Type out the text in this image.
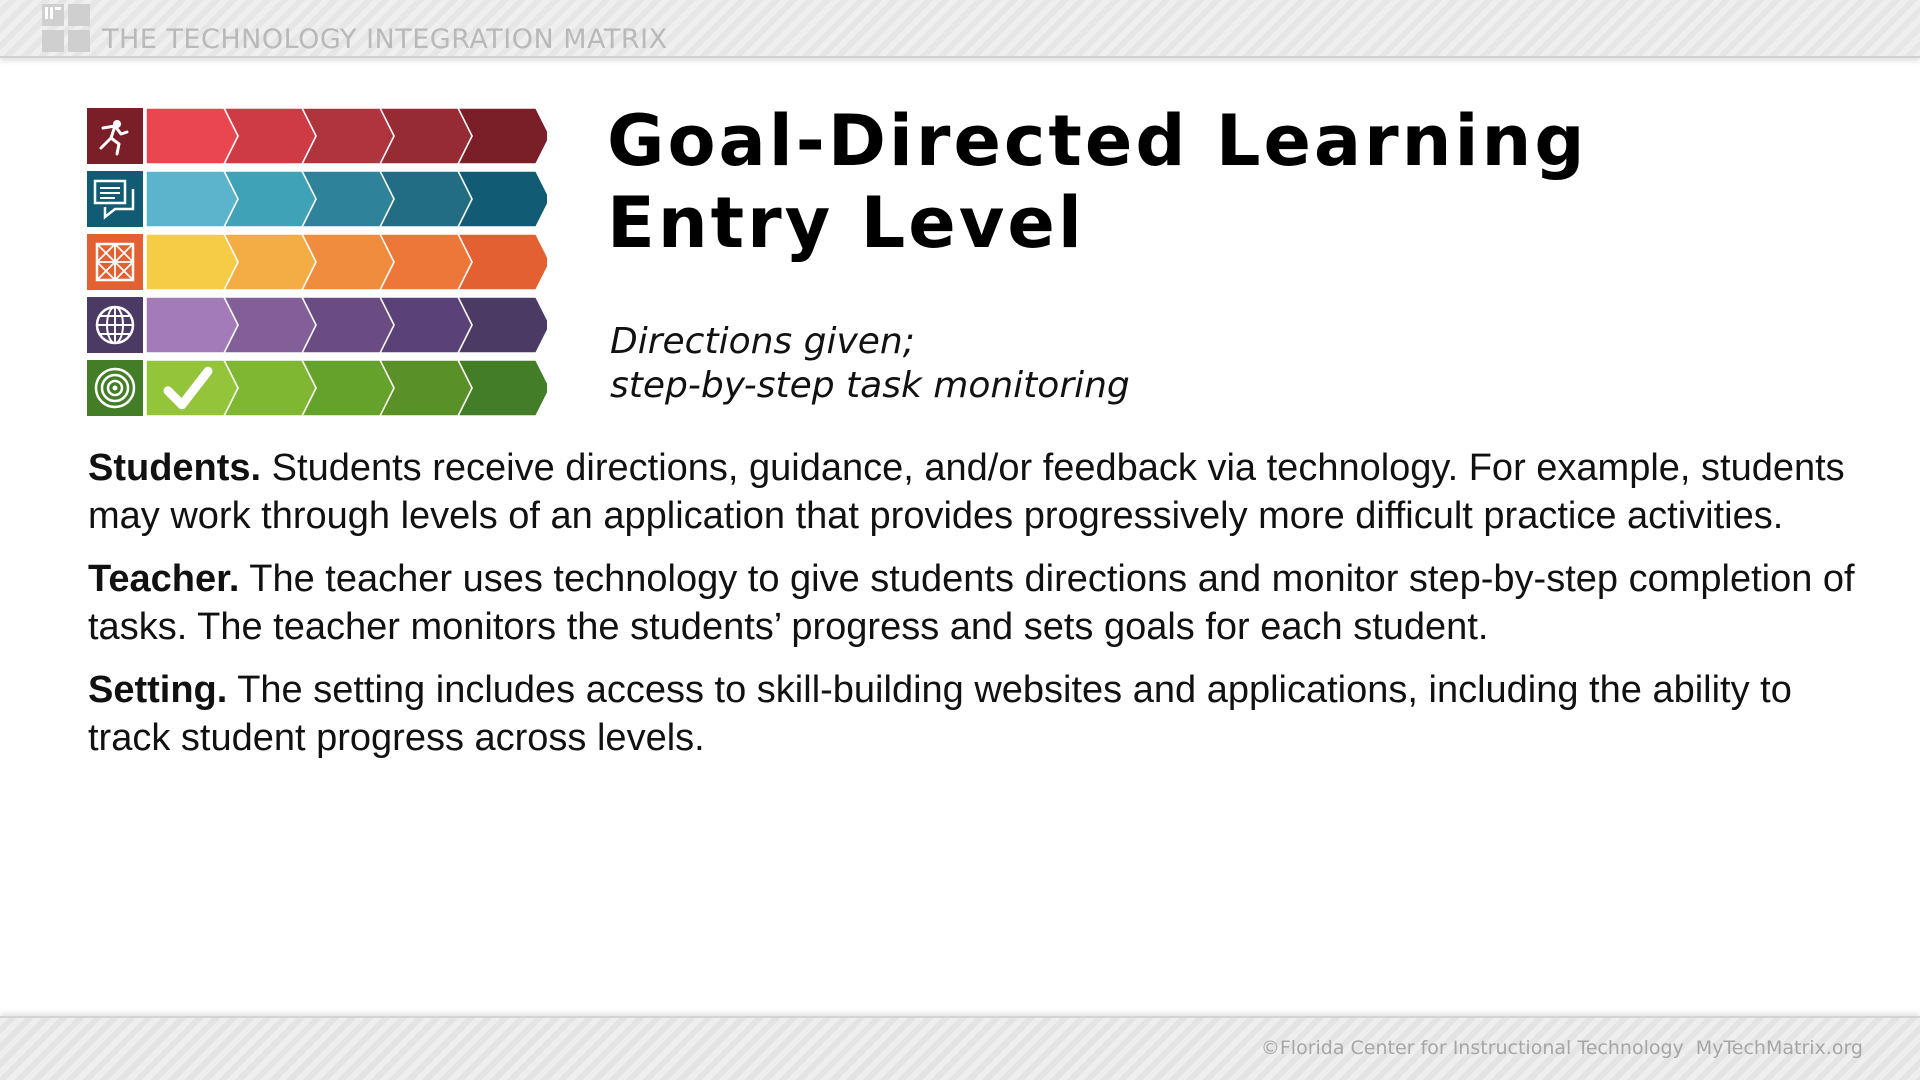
THE TECHNOLOGY INTEGRATION MATRIX
Goal-Directed Learning
Entry Level
Directions given;
step-by-step task monitoring

Students. Students receive directions, guidance, and/or feedback via technology. For example, students may work through levels of an application that provides progressively more difficult practice activities.

Teacher. The teacher uses technology to give students directions and monitor step-by-step completion of tasks. The teacher monitors the students’ progress and sets goals for each student.

Setting. The setting includes access to skill-building websites and applications, including the ability to track student progress across levels.

©Florida Center for Instructional Technology MyTechMatrix.org
